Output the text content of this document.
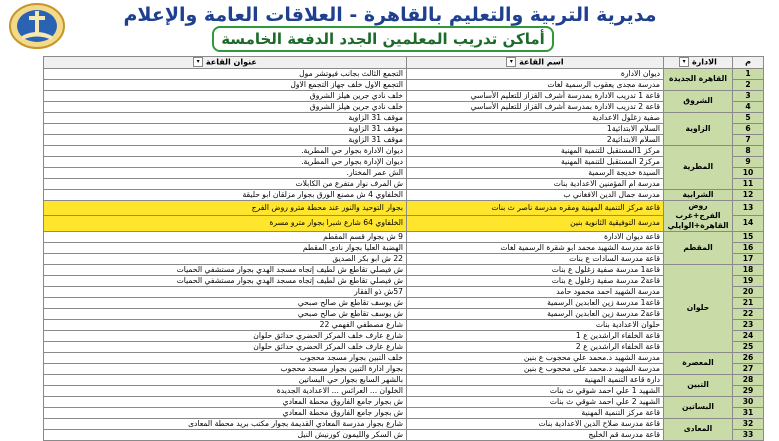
مديرية التربية والتعليم بالقاهرة - العلاقات العامة والإعلام
أماكن تدريب المعلمين الجدد الدفعة الخامسة
م	الادارة ▾	اسم القاعة ▾	عنوان القاعة ▾
1	القاهرة الجديدة	ديوان الادارة	التجمع الثالث بجانب فيوتشر مول
2		مدرسة مجدى يعقوب الرسمية لغات	التجمع الاول خلف جهاز التجمع الاول
3	الشروق	قاعة 1 تدريب الادارة بمدرسة أشرف القزاز للتعليم الأساسي	خلف نادي جرين هيلز الشروق
4		قاعة 2 تدريب الادارة بمدرسة أشرف القزاز للتعليم الأساسي	خلف نادي جرين هيلز الشروق
5	الزاوية	صفية زغلول الاعدادية	موقف 31 الزاوية
6		السلام الابتدائية1	موقف 31 الزاوية
7		السلام الابتدائية2	موقف 31 الزاوية
8	المطرية	مركز 1المستقبل للتنمية المهنية	ديوان الادارة بجوار حي المطرية.
9		مركز2 المستقبل للتنمية المهنية	ديوان الإدارة بجوار حي المطرية.
10		السيدة خديجة الرسمية	الش عمر المختار.
11		مدرسة ام المؤمنين الاعدادية بنات	ش المرف نوار متفرع من الكابلات
12	الشرابية	مدرسة جمال الدين الافغاني ب	الخلفاوي 4 ش مصنع الورق بجوار مزلقان ابو حليقة
13	روض الفرج+غرب القاهرة+الوايلي	قاعة مركز التنمية المهنية ومقره مدرسة ناصر ث بنات	بجوار التوحيد والنور عند محطة مترو روض الفرج
14		مدرسة التوفيقية الثانوية بنين	الخلفاوي 64 شارع شبرا بجوار مترو مسرة
15	المقطم	قاعة ديوان الادارة	9 ش بجوار قسم المقطم
16		قاعة مدرسة الشهيد محمد ابو شقرة الرسمية لغات	الهضبة العليا بجوار نادى المقطم
17		قاعة مدرسة السادات ع بنات	22 ش ابو بكر الصديق
18	حلوان	قاعة1 مدرسة صفية زغلول ع بنات	ش فيصلي تقاطع ش لطيف إتجاه مسجد الهدي بجوار مستشفي الحميات
19		قاعة2 مدرسة صفية زغلول ع بنات	ش فيصلي تقاطع ش لطيف إتجاه مسجد الهدي بجوار مستشفي الحميات
20		مدرسة الشهيد احمد محمود حامد	57ش ذو الفقار
21		قاعة1 مدرسة زين العابدين الرسمية	ش يوسف تقاطع ش صالح صبحي
22		قاعة2 مدرسة زين العابدين الرسمية	ش يوسف تقاطع ش صالح صبحي
23		حلوان الاعدادية بنات	شارع مصطفي الفهمي 22
24		قاعة الخلفاء الراشدين ع 1	شارع عارف خلف المركز الحضري حدائق حلوان
25		قاعة الخلفاء الراشدين ع 2	شارع عارف خلف المركز الحضري حدائق حلوان
26	المعصرة	مدرسة الشهيد د.محمد علي محجوب ع بنين	خلف التبين بجوار مسجد محجوب
27		مدرسة الشهيد د.محمد على محجوب ع بنين	بجوار ادارة التبين بجوار مسجد محجوب
28	التبين	دارة قاعة التنمية المهنية	بالشهر السابع بجوار حي البساتين
29		الشهيد 1 علي احمد شوقي ث بنات	الخلوان ... العرائس ... الاعدادية الجديدة
30	البساتين	الشهيد 2 علي احمد شوقي ث بنات	ش بجوار جامع الفاروق محطة المعادي
31		قاعة مركز التنمية المهنية	ش بجوار جامع الفاروق محطة المعادي
32	المعادى	قاعة مدرسة صلاح الدين الاعدادية بنات	شارع بجوار مدرسة المعادي القديمة بجوار مكتب بريد محطة المعادى
33		قاعة مدرسة قم الخليج	ش السكر والليمون كورنيش النيل
